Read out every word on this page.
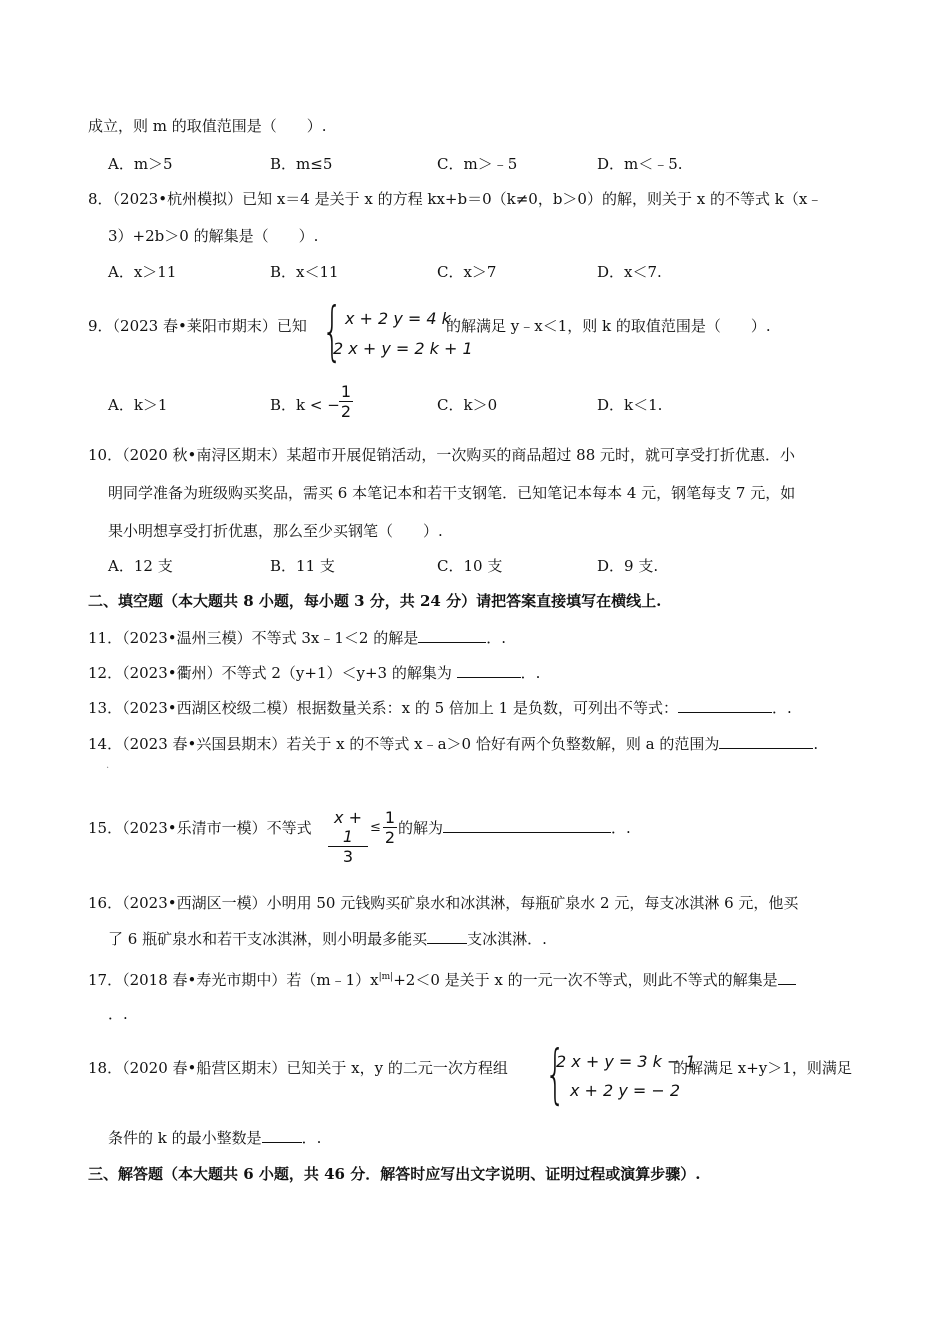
成立，则 m 的取值范围是（　　）.
A．m＞5	B．m≤5	C．m＞﹣5	D．m＜﹣5.
8．（2023•杭州模拟）已知 x＝4 是关于 x 的方程 kx+b＝0（k≠0，b＞0）的解，则关于 x 的不等式 k（x﹣
3）+2b＞0 的解集是（　　）.
A．x＞11	B．x＜11	C．x＞7	D．x＜7.
9．（2023 春•莱阳市期末）已知 { x + 2 y = 4 k
2 x + y = 2 k + 1
的解满足 y﹣x＜1，则 k 的取值范围是（　　）.
A．k＞1	B．k < − $\frac{1}{2}$	C．k＞0	D．k＜1.
10．（2020 秋•南浔区期末）某超市开展促销活动，一次购买的商品超过 88 元时，就可享受打折优惠．小
明同学准备为班级购买奖品，需买 6 本笔记本和若干支钢笔．已知笔记本每本 4 元，钢笔每支 7 元，如
果小明想享受打折优惠，那么至少买钢笔（　　）.
A．12 支	B．11 支	C．10 支	D．9 支.
二、填空题（本大题共 8 小题，每小题 3 分，共 24 分）请把答案直接填写在横线上.
11．（2023•温州三模）不等式 3x﹣1＜2 的解是	．.
12．（2023•衢州）不等式 2（y+1）＜y+3 的解集为	．.
13．（2023•西湖区校级二模）根据数量关系：x 的 5 倍加上 1 是负数，可列出不等式：	．.
14．（2023 春•兴国县期末）若关于 x 的不等式 x﹣a＞0 恰好有两个负整数解，则 a 的范围为	.
.
15．（2023•乐清市一模）不等式 $\frac{x + 1}{3} \le \frac{1}{2}$ 的解为	．.
16．（2023•西湖区一模）小明用 50 元钱购买矿泉水和冰淇淋，每瓶矿泉水 2 元，每支冰淇淋 6 元，他买
了 6 瓶矿泉水和若干支冰淇淋，则小明最多能买	支冰淇淋．.
17．（2018 春•寿光市期中）若$(m﹣1)x^{|m|}+2<0$ 是关于 x 的一元一次不等式，则此不等式的解集是
．.
18．（2020 春•船营区期末）已知关于 x，y 的二元一次方程组 {
2 x + y = 3 k − 1
x + 2 y = − 2
的解满足 x+y＞1，则满足
条件的 k 的最小整数是	．.
三、解答题（本大题共 6 小题，共 46 分．解答时应写出文字说明、证明过程或演算步骤）.
